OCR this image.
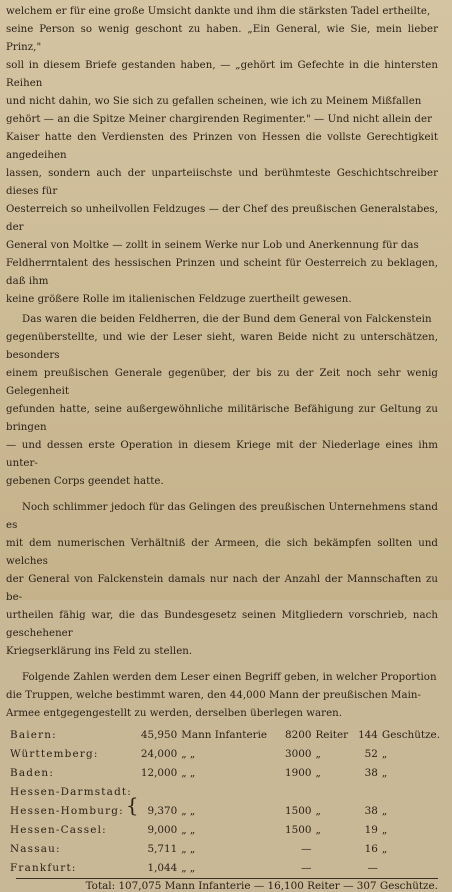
welchem er für eine große Umsicht dankte und ihm die stärksten Tadel ertheilte,

seine Person so wenig geschont zu haben. „Ein General, wie Sie, mein lieber Prinz,"

soll in diesem Briefe gestanden haben, — „gehört im Gefechte in die hintersten Reihen

und nicht dahin, wo Sie sich zu gefallen scheinen, wie ich zu Meinem Mißfallen

gehört — an die Spitze Meiner chargirenden Regimenter." — Und nicht allein der

Kaiser hatte den Verdiensten des Prinzen von Hessen die vollste Gerechtigkeit angedeihen

lassen, sondern auch der unparteiischste und berühmteste Geschichtschreiber dieses für

Oesterreich so unheilvollen Feldzuges — der Chef des preußischen Generalstabes, der

General von Moltke — zollt in seinem Werke nur Lob und Anerkennung für das

Feldherrntalent des hessischen Prinzen und scheint für Oesterreich zu beklagen, daß ihm

keine größere Rolle im italienischen Feldzuge zuertheilt gewesen.

Das waren die beiden Feldherren, die der Bund dem General von Falckenstein

gegenüberstellte, und wie der Leser sieht, waren Beide nicht zu unterschätzen, besonders

einem preußischen Generale gegenüber, der bis zu der Zeit noch sehr wenig Gelegenheit

gefunden hatte, seine außergewöhnliche militärische Befähigung zur Geltung zu bringen

— und dessen erste Operation in diesem Kriege mit der Niederlage eines ihm unter-

gebenen Corps geendet hatte.

Noch schlimmer jedoch für das Gelingen des preußischen Unternehmens stand es

mit dem numerischen Verhältniß der Armeen, die sich bekämpfen sollten und welches

der General von Falckenstein damals nur nach der Anzahl der Mannschaften zu be-

urtheilen fähig war, die das Bundesgesetz seinen Mitgliedern vorschrieb, nach geschehener

Kriegserklärung ins Feld zu stellen.

Folgende Zahlen werden dem Leser einen Begriff geben, in welcher Proportion

die Truppen, welche bestimmt waren, den 44,000 Mann der preußischen Main-

Armee entgegengestellt zu werden, derselben überlegen waren.

Baiern:	45,950	Mann Infanterie	8200	Reiter	144	Geschütze.
Württemberg:	24,000	„ „	3000	„	52	„
Baden:	12,000	„ „	1900	„	38	„
Hessen-Darmstadt:						
Hessen-Homburg: {	9,370	„ „	1500	„	38	„
Hessen-Cassel:	9,000	„ „	1500	„	19	„
Nassau:	5,711	„ „	—		16	„
Frankfurt:	1,044	„ „	—		—	
Total: 107,075 Mann Infanterie — 16,100 Reiter — 307 Geschütze.
